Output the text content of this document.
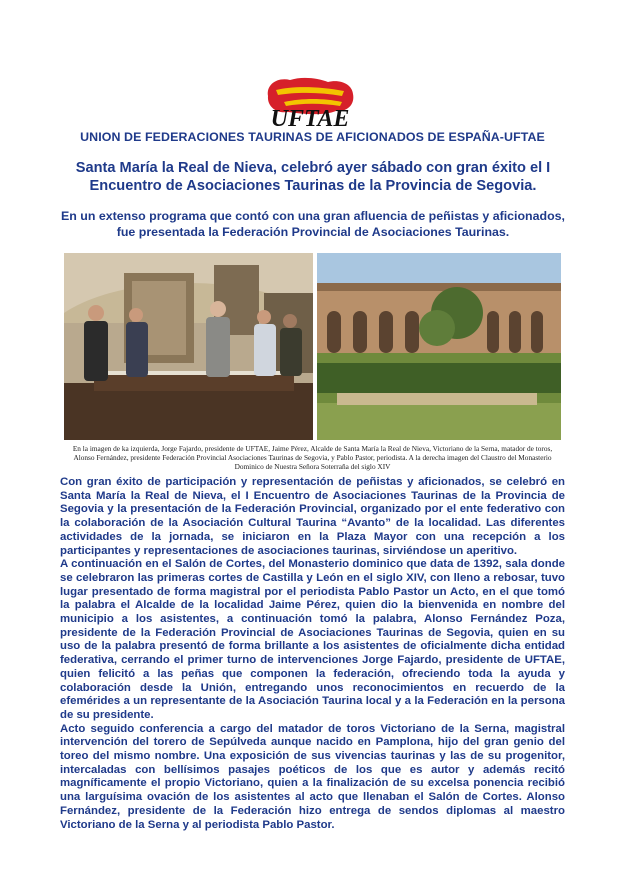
UFTAE
UNION DE FEDERACIONES TAURINAS DE AFICIONADOS DE ESPAÑA-UFTAE
Santa María la Real de Nieva, celebró ayer sábado con gran éxito el I Encuentro de Asociaciones Taurinas de la Provincia de Segovia.
En un extenso programa que contó con una gran afluencia de peñistas y aficionados, fue presentada la Federación Provincial de Asociaciones Taurinas.
En la imagen de ka izquierda, Jorge Fajardo, presidente de UFTAE, Jaime Pérez, Alcalde de Santa María la Real de Nieva, Victoriano de la Serna, matador de toros, Alonso Fernández, presidente Federación Provincial Asociaciones Taurinas de Segovia, y Pablo Pastor, periodista. A la derecha imagen del Claustro del Monasterio Dominico de Nuestra Señora Soterraña del siglo XIV

Con gran éxito de participación y representación de peñistas y aficionados, se celebró en Santa María la Real de Nieva, el I Encuentro de Asociaciones Taurinas de la Provincia de Segovia y la presentación de la Federación Provincial, organizado por el ente federativo con la colaboración de la Asociación Cultural Taurina “Avanto” de la localidad. Las diferentes actividades de la jornada, se iniciaron en la Plaza Mayor con una recepción a los participantes y representaciones de asociaciones taurinas, sirviéndose un aperitivo.

A continuación en el Salón de Cortes, del Monasterio dominico que data de 1392, sala donde se celebraron las primeras cortes de Castilla y León en el siglo XIV, con lleno a rebosar, tuvo lugar presentado de forma magistral por el periodista Pablo Pastor un Acto, en el que tomó la palabra el Alcalde de la localidad Jaime Pérez, quien dio la bienvenida en nombre del municipio a los asistentes, a continuación tomó la palabra, Alonso Fernández Poza, presidente de la Federación Provincial de Asociaciones Taurinas de Segovia, quien en su uso de la palabra presentó de forma brillante a los asistentes de oficialmente dicha entidad federativa, cerrando el primer turno de intervenciones Jorge Fajardo, presidente de UFTAE, quien felicitó a las peñas que componen la federación, ofreciendo toda la ayuda y colaboración desde la Unión, entregando unos reconocimientos en recuerdo de la efemérides a un representante de la Asociación Taurina local y a la Federación en la persona de su presidente.

Acto seguido conferencia a cargo del matador de toros Victoriano de la Serna, magistral intervención del torero de Sepúlveda aunque nacido en Pamplona, hijo del gran genio del toreo del mismo nombre. Una exposición de sus vivencias taurinas y las de su progenitor, intercaladas con bellísimos pasajes poéticos de los que es autor y además recitó magníficamente el propio Victoriano, quien a la finalización de su excelsa ponencia recibió una larguísima ovación de los asistentes al acto que llenaban el Salón de Cortes. Alonso Fernández, presidente de la Federación hizo entrega de sendos diplomas al maestro Victoriano de la Serna y al periodista Pablo Pastor.
